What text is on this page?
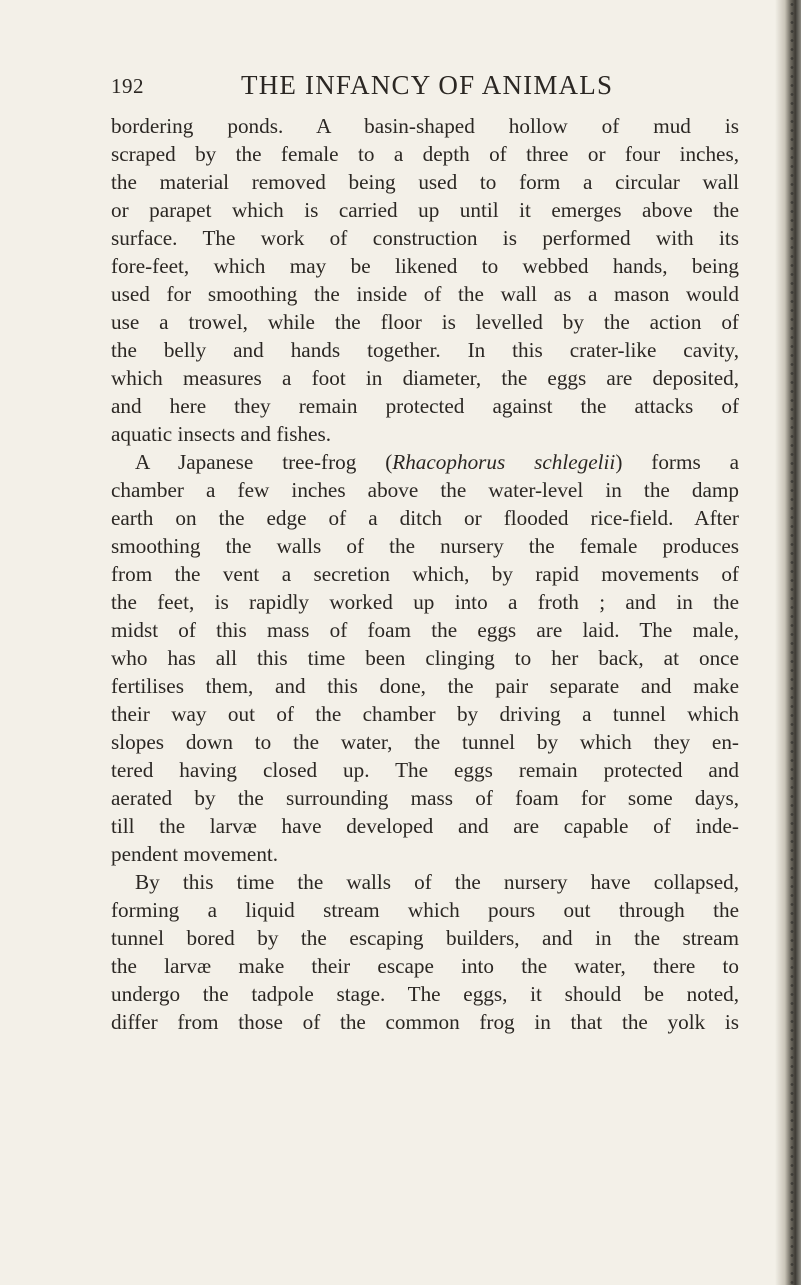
192	THE INFANCY OF ANIMALS
bordering ponds. A basin-shaped hollow of mud is
scraped by the female to a depth of three or four inches,
the material removed being used to form a circular wall
or parapet which is carried up until it emerges above the
surface. The work of construction is performed with its
fore-feet, which may be likened to webbed hands, being
used for smoothing the inside of the wall as a mason would
use a trowel, while the floor is levelled by the action of
the belly and hands together. In this crater-like cavity,
which measures a foot in diameter, the eggs are deposited,
and here they remain protected against the attacks of
aquatic insects and fishes.
A Japanese tree-frog (Rhacophorus schlegelii) forms a
chamber a few inches above the water-level in the damp
earth on the edge of a ditch or flooded rice-field. After
smoothing the walls of the nursery the female produces
from the vent a secretion which, by rapid movements of
the feet, is rapidly worked up into a froth ; and in the
midst of this mass of foam the eggs are laid. The male,
who has all this time been clinging to her back, at once
fertilises them, and this done, the pair separate and make
their way out of the chamber by driving a tunnel which
slopes down to the water, the tunnel by which they en-
tered having closed up. The eggs remain protected and
aerated by the surrounding mass of foam for some days,
till the larvæ have developed and are capable of inde-
pendent movement.
By this time the walls of the nursery have collapsed,
forming a liquid stream which pours out through the
tunnel bored by the escaping builders, and in the stream
the larvæ make their escape into the water, there to
undergo the tadpole stage. The eggs, it should be noted,
differ from those of the common frog in that the yolk is
